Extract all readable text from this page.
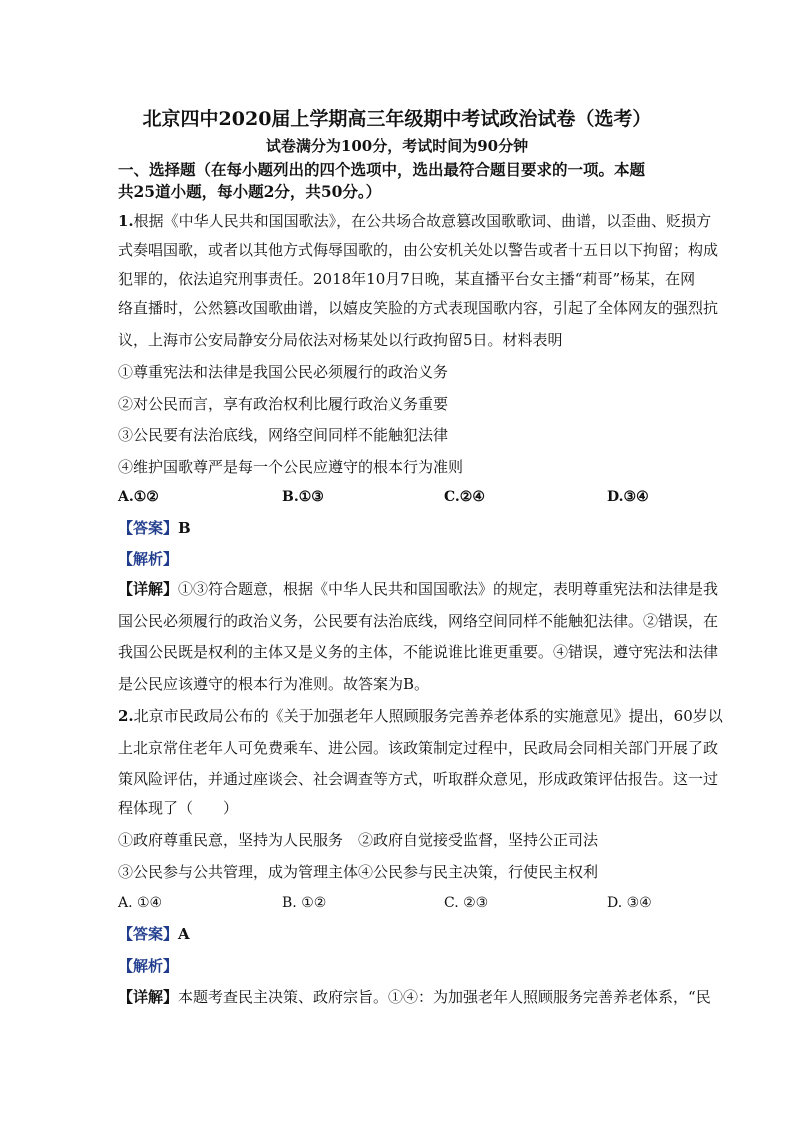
北京四中2020届上学期高三年级期中考试政治试卷（选考）
试卷满分为100分，考试时间为90分钟
一、选择题（在每小题列出的四个选项中，选出最符合题目要求的一项。本题
共25道小题，每小题2分，共50分。）
1.根据《中华人民共和国国歌法》，在公共场合故意篡改国歌歌词、曲谱，以歪曲、贬损方
式奏唱国歌，或者以其他方式侮辱国歌的，由公安机关处以警告或者十五日以下拘留；构成
犯罪的，依法追究刑事责任。2018年10月7日晚，某直播平台女主播“莉哥”杨某，在网
络直播时，公然篡改国歌曲谱，以嬉皮笑脸的方式表现国歌内容，引起了全体网友的强烈抗
议，上海市公安局静安分局依法对杨某处以行政拘留5日。材料表明
①尊重宪法和法律是我国公民必须履行的政治义务
②对公民而言，享有政治权利比履行政治义务重要
③公民要有法治底线，网络空间同样不能触犯法律
④维护国歌尊严是每一个公民应遵守的根本行为准则
A.①②	B.①③	C.②④	D.③④
【答案】B
【解析】
【详解】①③符合题意，根据《中华人民共和国国歌法》的规定，表明尊重宪法和法律是我
国公民必须履行的政治义务，公民要有法治底线，网络空间同样不能触犯法律。②错误，在
我国公民既是权利的主体又是义务的主体，不能说谁比谁更重要。④错误，遵守宪法和法律
是公民应该遵守的根本行为准则。故答案为B。
2.北京市民政局公布的《关于加强老年人照顾服务完善养老体系的实施意见》提出，60岁以
上北京常住老年人可免费乘车、进公园。该政策制定过程中，民政局会同相关部门开展了政
策风险评估，并通过座谈会、社会调查等方式，听取群众意见，形成政策评估报告。这一过
程体现了（　　）
①政府尊重民意，坚持为人民服务　②政府自觉接受监督，坚持公正司法
③公民参与公共管理，成为管理主体④公民参与民主决策，行使民主权利
A. ①④	B. ①②	C. ②③	D. ③④
【答案】A
【解析】
【详解】本题考查民主决策、政府宗旨。①④：为加强老年人照顾服务完善养老体系，“民
